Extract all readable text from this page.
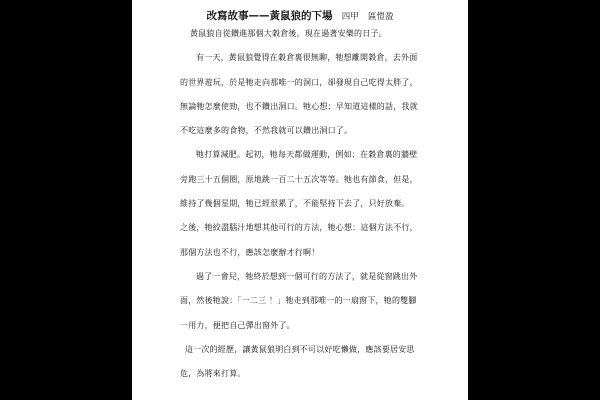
改寫故事——黃鼠狼的下場 四甲 區愷盈
黃鼠狼自從鑽進那個大穀倉後，現在過著安樂的日子。
有一天，黃鼠狼覺得在穀倉裏很無聊，牠想離開穀倉，去外面
的世界遊玩，於是牠走向那唯一的洞口，卻發現自己吃得太胖了，
無論牠怎麼使勁，也不鑽出洞口。牠心想：早知道這樣的話，我就
不吃這麼多的食物，不然我就可以鑽出洞口了。
牠打算減肥。起初，牠每天都做運動，例如：在穀倉裏的牆壁
旁跑三十五個圈，原地跳一百二十五次等等。牠也有節食，但是，
維持了幾個星期，牠已經很累了，不能堅持下去了，只好放棄。
之後，牠絞盡腦汁地想其他可行的方法，牠心想：這個方法不行，
那個方法也不行，應該怎麼辦才行啊！
過了一會兒，牠終於想到一個可行的方法了，就是從窗跳出外
面，然後牠說：「一二三 ！」牠走到那唯一的一扇窗下，牠的雙腳
一用力，便把自己彈出窗外了。
這一次的經歷，讓黃鼠狼明白到不可以好吃懶做，應該要居安思
危，為將來打算。
